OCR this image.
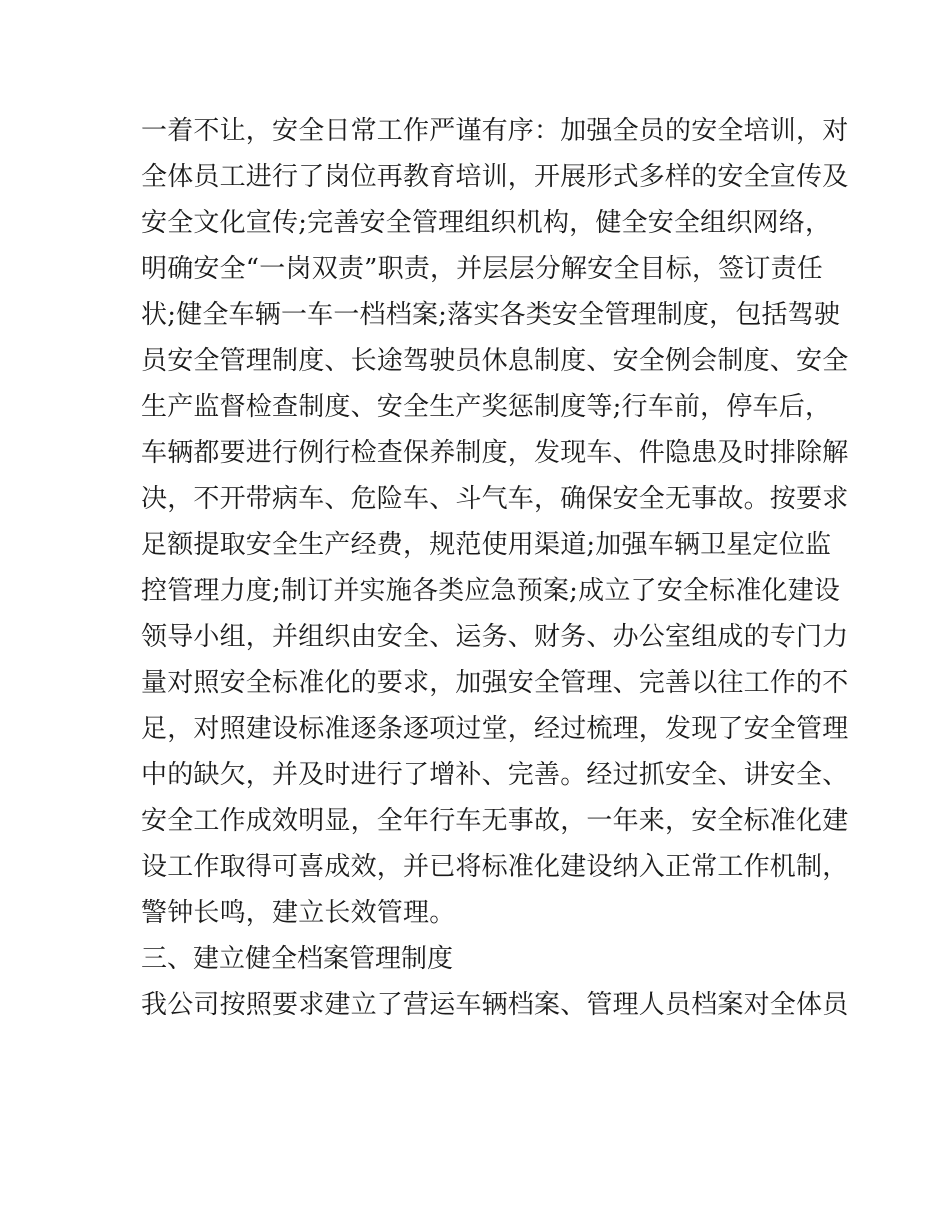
一着不让，安全日常工作严谨有序：加强全员的安全培训，对
全体员工进行了岗位再教育培训，开展形式多样的安全宣传及
安全文化宣传;完善安全管理组织机构，健全安全组织网络，
明确安全“一岗双责”职责，并层层分解安全目标，签订责任
状;健全车辆一车一档档案;落实各类安全管理制度，包括驾驶
员安全管理制度、长途驾驶员休息制度、安全例会制度、安全
生产监督检查制度、安全生产奖惩制度等;行车前，停车后，
车辆都要进行例行检查保养制度，发现车、件隐患及时排除解
决，不开带病车、危险车、斗气车，确保安全无事故。按要求
足额提取安全生产经费，规范使用渠道;加强车辆卫星定位监
控管理力度;制订并实施各类应急预案;成立了安全标准化建设
领导小组，并组织由安全、运务、财务、办公室组成的专门力
量对照安全标准化的要求，加强安全管理、完善以往工作的不
足，对照建设标准逐条逐项过堂，经过梳理，发现了安全管理
中的缺欠，并及时进行了增补、完善。经过抓安全、讲安全、
安全工作成效明显，全年行车无事故，一年来，安全标准化建
设工作取得可喜成效，并已将标准化建设纳入正常工作机制，
警钟长鸣，建立长效管理。
三、建立健全档案管理制度
我公司按照要求建立了营运车辆档案、管理人员档案对全体员
